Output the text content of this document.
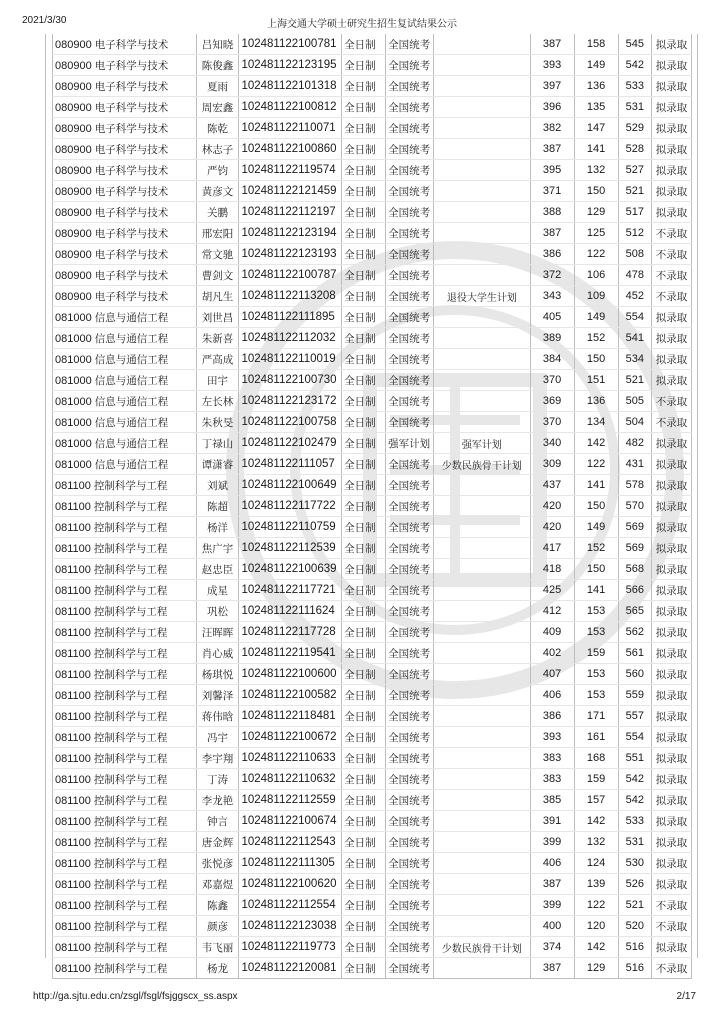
2021/3/30	上海交通大学硕士研究生招生复试结果公示
080900 电子科学与技术	吕知晓	102481122100781	全日制	全国统考		387	158	545	拟录取
080900 电子科学与技术	陈俊鑫	102481122123195	全日制	全国统考		393	149	542	拟录取
080900 电子科学与技术	夏雨	102481122101318	全日制	全国统考		397	136	533	拟录取
080900 电子科学与技术	周宏鑫	102481122100812	全日制	全国统考		396	135	531	拟录取
080900 电子科学与技术	陈乾	102481122110071	全日制	全国统考		382	147	529	拟录取
080900 电子科学与技术	林志子	102481122100860	全日制	全国统考		387	141	528	拟录取
080900 电子科学与技术	严钧	102481122119574	全日制	全国统考		395	132	527	拟录取
080900 电子科学与技术	黄彦文	102481122121459	全日制	全国统考		371	150	521	拟录取
080900 电子科学与技术	关鹏	102481122112197	全日制	全国统考		388	129	517	拟录取
080900 电子科学与技术	邢宏阳	102481122123194	全日制	全国统考		387	125	512	不录取
080900 电子科学与技术	常文驰	102481122123193	全日制	全国统考		386	122	508	不录取
080900 电子科学与技术	曹剑文	102481122100787	全日制	全国统考		372	106	478	不录取
080900 电子科学与技术	胡凡生	102481122113208	全日制	全国统考	退役大学生计划	343	109	452	不录取
081000 信息与通信工程	刘世昌	102481122111895	全日制	全国统考		405	149	554	拟录取
081000 信息与通信工程	朱新喜	102481122112032	全日制	全国统考		389	152	541	拟录取
081000 信息与通信工程	严高成	102481122110019	全日制	全国统考		384	150	534	拟录取
081000 信息与通信工程	田宇	102481122100730	全日制	全国统考		370	151	521	拟录取
081000 信息与通信工程	左长林	102481122123172	全日制	全国统考		369	136	505	不录取
081000 信息与通信工程	朱秋旻	102481122100758	全日制	全国统考		370	134	504	不录取
081000 信息与通信工程	丁禄山	102481122102479	全日制	强军计划	强军计划	340	142	482	拟录取
081000 信息与通信工程	谭潇睿	102481122111057	全日制	全国统考	少数民族骨干计划	309	122	431	拟录取
081100 控制科学与工程	刘斌	102481122100649	全日制	全国统考		437	141	578	拟录取
081100 控制科学与工程	陈超	102481122117722	全日制	全国统考		420	150	570	拟录取
081100 控制科学与工程	杨洋	102481122110759	全日制	全国统考		420	149	569	拟录取
081100 控制科学与工程	焦广宇	102481122112539	全日制	全国统考		417	152	569	拟录取
081100 控制科学与工程	赵忠臣	102481122100639	全日制	全国统考		418	150	568	拟录取
081100 控制科学与工程	成星	102481122117721	全日制	全国统考		425	141	566	拟录取
081100 控制科学与工程	巩松	102481122111624	全日制	全国统考		412	153	565	拟录取
081100 控制科学与工程	汪晖晖	102481122117728	全日制	全国统考		409	153	562	拟录取
081100 控制科学与工程	肖心威	102481122119541	全日制	全国统考		402	159	561	拟录取
081100 控制科学与工程	杨琪悦	102481122100600	全日制	全国统考		407	153	560	拟录取
081100 控制科学与工程	刘馨泽	102481122100582	全日制	全国统考		406	153	559	拟录取
081100 控制科学与工程	蒋伟晗	102481122118481	全日制	全国统考		386	171	557	拟录取
081100 控制科学与工程	冯宇	102481122100672	全日制	全国统考		393	161	554	拟录取
081100 控制科学与工程	李宇翔	102481122110633	全日制	全国统考		383	168	551	拟录取
081100 控制科学与工程	丁涛	102481122110632	全日制	全国统考		383	159	542	拟录取
081100 控制科学与工程	李龙艳	102481122112559	全日制	全国统考		385	157	542	拟录取
081100 控制科学与工程	钟言	102481122100674	全日制	全国统考		391	142	533	拟录取
081100 控制科学与工程	唐金辉	102481122112543	全日制	全国统考		399	132	531	拟录取
081100 控制科学与工程	张悦彦	102481122111305	全日制	全国统考		406	124	530	拟录取
081100 控制科学与工程	邓嘉煜	102481122100620	全日制	全国统考		387	139	526	拟录取
081100 控制科学与工程	陈鑫	102481122112554	全日制	全国统考		399	122	521	不录取
081100 控制科学与工程	颜彦	102481122123038	全日制	全国统考		400	120	520	不录取
081100 控制科学与工程	韦飞丽	102481122119773	全日制	全国统考	少数民族骨干计划	374	142	516	拟录取
081100 控制科学与工程	杨龙	102481122120081	全日制	全国统考		387	129	516	不录取
http://ga.sjtu.edu.cn/zsgl/fsgl/fsjggscx_ss.aspx	2/17
